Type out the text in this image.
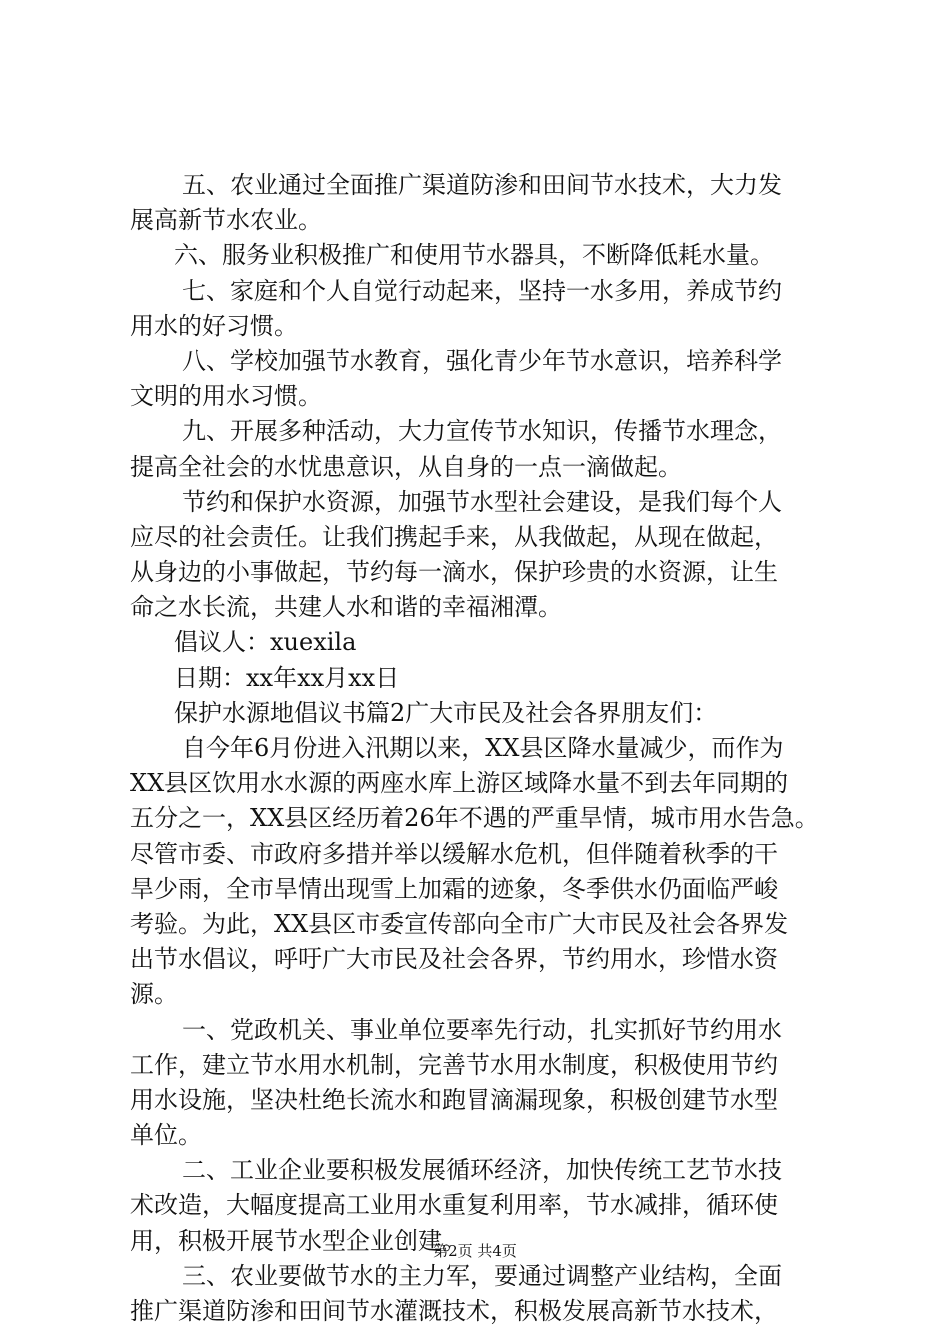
五、农业通过全面推广渠道防渗和田间节水技术，大力发
展高新节水农业。
六、服务业积极推广和使用节水器具，不断降低耗水量。
七、家庭和个人自觉行动起来，坚持一水多用，养成节约
用水的好习惯。
八、学校加强节水教育，强化青少年节水意识，培养科学
文明的用水习惯。
九、开展多种活动，大力宣传节水知识，传播节水理念，
提高全社会的水忧患意识，从自身的一点一滴做起。
节约和保护水资源，加强节水型社会建设，是我们每个人
应尽的社会责任。让我们携起手来，从我做起，从现在做起，
从身边的小事做起，节约每一滴水，保护珍贵的水资源，让生
命之水长流，共建人水和谐的幸福湘潭。
倡议人：xuexila
日期：xx年xx月xx日
保护水源地倡议书篇2广大市民及社会各界朋友们：
自今年6月份进入汛期以来，XX县区降水量减少，而作为
XX县区饮用水水源的两座水库上游区域降水量不到去年同期的
五分之一，XX县区经历着26年不遇的严重旱情，城市用水告急。
尽管市委、市政府多措并举以缓解水危机，但伴随着秋季的干
旱少雨，全市旱情出现雪上加霜的迹象，冬季供水仍面临严峻
考验。为此，XX县区市委宣传部向全市广大市民及社会各界发
出节水倡议，呼吁广大市民及社会各界，节约用水，珍惜水资
源。
一、党政机关、事业单位要率先行动，扎实抓好节约用水
工作，建立节水用水机制，完善节水用水制度，积极使用节约
用水设施，坚决杜绝长流水和跑冒滴漏现象，积极创建节水型
单位。
二、工业企业要积极发展循环经济，加快传统工艺节水技
术改造，大幅度提高工业用水重复利用率，节水减排，循环使
用，积极开展节水型企业创建。
三、农业要做节水的主力军，要通过调整产业结构，全面
推广渠道防渗和田间节水灌溉技术，积极发展高新节水技术，
第2页 共4页
